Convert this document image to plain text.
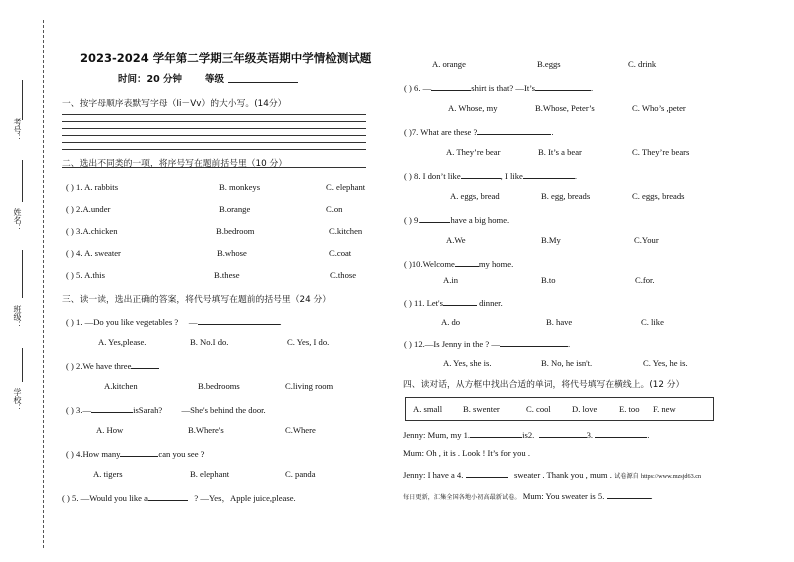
考号：
姓名：
班级：
学校：
2023-2024 学年第二学期三年级英语期中学情检测试题
时间：20 分钟 等级
一、按字母顺序表默写字母（Ii－Vv）的大小写。(14分）
二、选出不同类的一项，将序号写在题前括号里（10 分）
( ) 1. A. rabbits	B. monkeys	C. elephant
( ) 2.A.under	B.orange	C.on
( ) 3.A.chicken	B.bedroom	C.kitchen
( ) 4. A. sweater	B.whose	C.coat
( ) 5. A.this	B.these	C.those
三、读一读，选出正确的答案，将代号填写在题前的括号里（24 分）
( ) 1. —Do you like vegetables ?     —	.
A. Yes,please.	B. No.I do.	C. Yes, I do.
( ) 2.We have three
A.kitchen	B.bedrooms	C.living room
( ) 3.—	isSarah? —She's behind the door.
A. How	B.Where's	C.Where
( ) 4.How many	can you see ?
A. tigers	B. elephant	C. panda
( ) 5. —Would you like a	? —Yes，Apple juice,please.
A. orange	B.eggs	C. drink
( ) 6. —	shirt is that? —It’s	.
A. Whose, my	B.Whose, Peter’s	C. Who’s ,peter
( )7. What are these ?	.
A. They’re bear	B. It’s a bear	C. They’re bears
( ) 8. I don’t like	, I like	.
A. eggs, bread	B. egg, breads	C. eggs, breads
( ) 9.	have a big home.
A.We	B.My	C.Your
( )10.Welcome	my home.
A.in	B.to	C.for.
( ) 11. Let's	dinner.
A. do	B. have	C. like
( ) 12.—Is Jenny in the ? —	.
A. Yes, she is.	B. No, he isn't.	C. Yes, he is.
四、读对话，从方框中找出合适的单词，将代号填写在横线上。(12 分）
A. small B. swenter	C. cool D. love	E. too F. new
Jenny: Mum, my 1.	is2.	3.	.
Mum: Oh , it is . Look ! It’s for you .
Jenny: I have a 4.	sweater . Thank you , mum . 试卷源自 https://www.mzsjd63.cn
每日更新，汇集全国各地小初高最新试卷。 Mum: You sweater is 5.	.
